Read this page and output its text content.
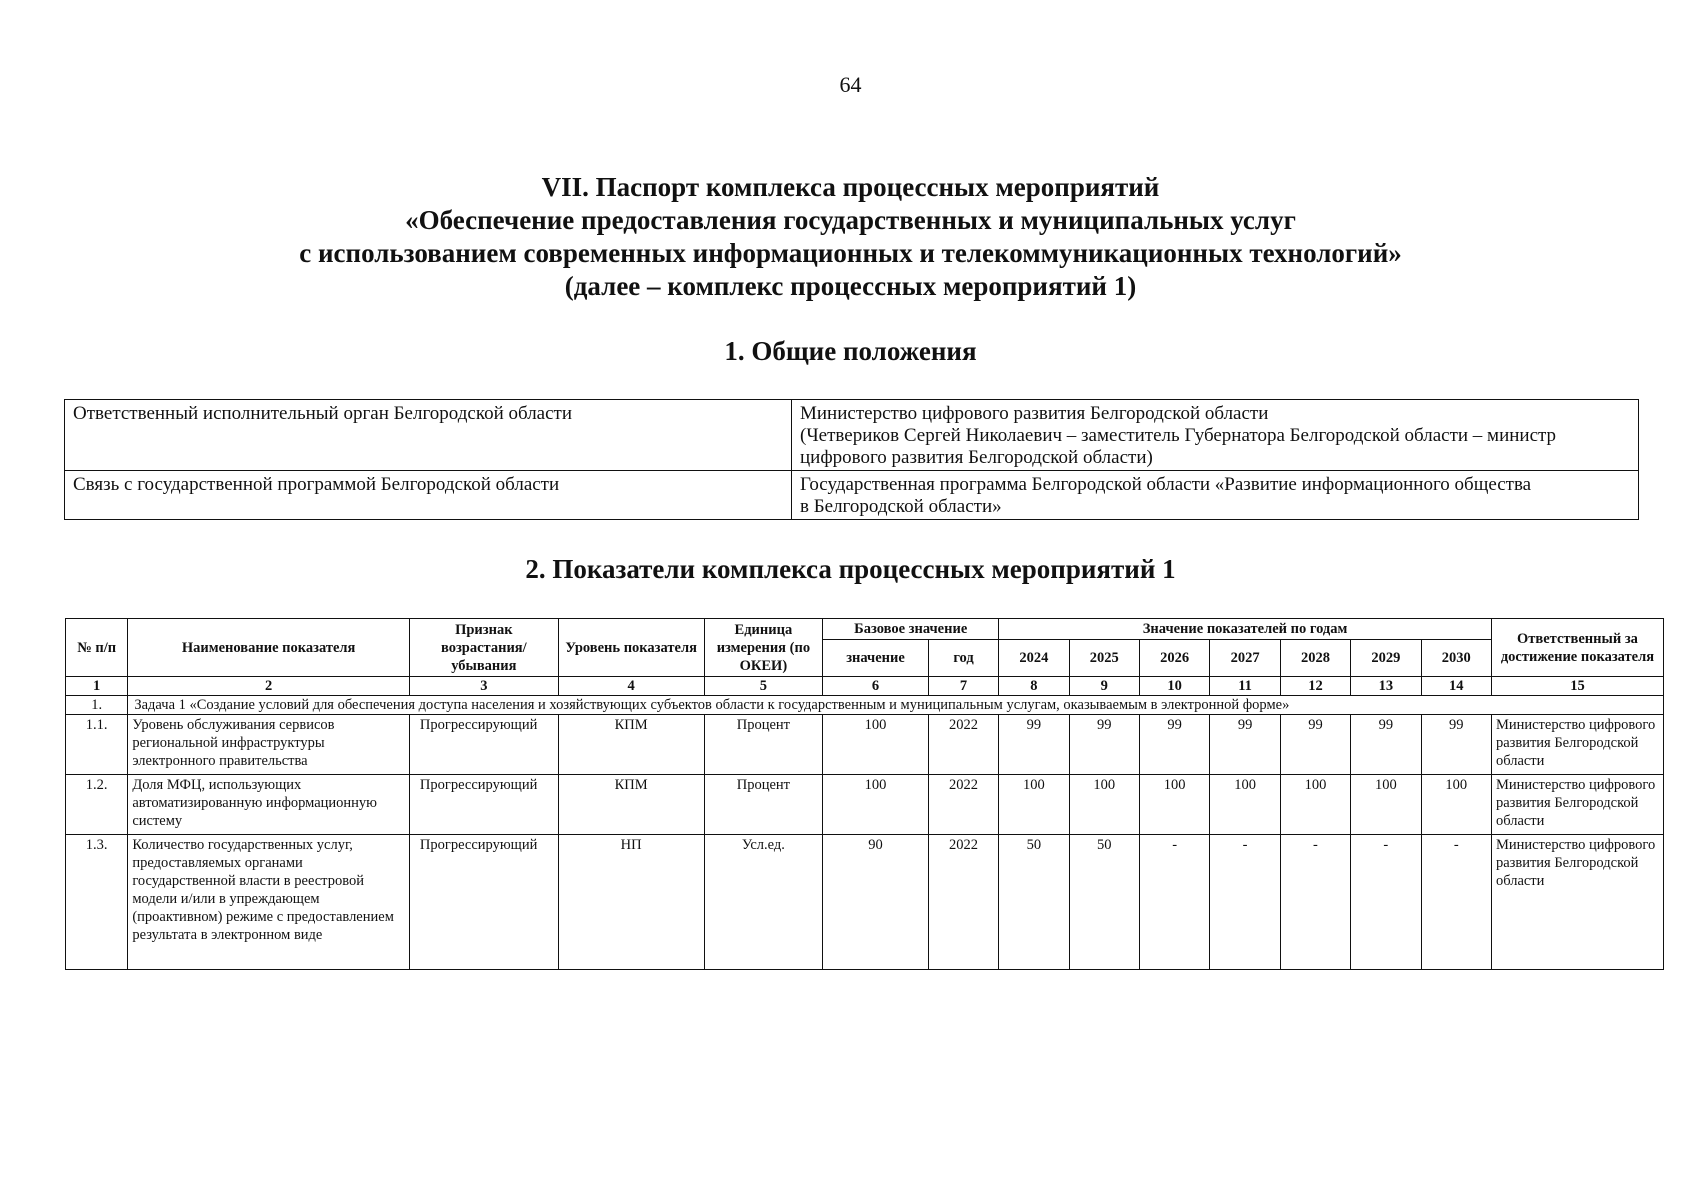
64
VII. Паспорт комплекса процессных мероприятий
«Обеспечение предоставления государственных и муниципальных услуг
с использованием современных информационных и телекоммуникационных технологий»
(далее – комплекс процессных мероприятий 1)
1. Общие положения
Ответственный исполнительный орган Белгородской области	Министерство цифрового развития Белгородской области
(Четвериков Сергей Николаевич – заместитель Губернатора Белгородской области – министр
цифрового развития Белгородской области)

Связь с государственной программой Белгородской области	Государственная программа Белгородской области «Развитие информационного общества
в Белгородской области»
2. Показатели комплекса процессных мероприятий 1
№ п/п	Наименование показателя	Признак возрастания/ убывания	Уровень показателя	Единица измерения (по ОКЕИ)	Базовое значение		Значение показателей по годам							Ответственный за достижение показателя
					значение	год	2024	2025	2026	2027	2028	2029	2030	
1	2	3	4	5	6	7	8	9	10	11	12	13	14	15
1.	Задача 1 «Создание условий для обеспечения доступа населения и хозяйствующих субъектов области к государственным и муниципальным услугам, оказываемым в электронной форме»													
1.1.	Уровень обслуживания сервисов региональной инфраструктуры электронного правительства	Прогрессирующий	КПМ	Процент	100	2022	99	99	99	99	99	99	99	Министерство цифрового развития Белгородской области
1.2.	Доля МФЦ, использующих автоматизированную информационную систему	Прогрессирующий	КПМ	Процент	100	2022	100	100	100	100	100	100	100	Министерство цифрового развития Белгородской области
1.3.	Количество государственных услуг, предоставляемых органами государственной власти в реестровой модели и/или в упреждающем (проактивном) режиме с предоставлением результата в электронном виде	Прогрессирующий	НП	Усл.ед.	90	2022	50	50	-	-	-	-	-	Министерство цифрового развития Белгородской области
